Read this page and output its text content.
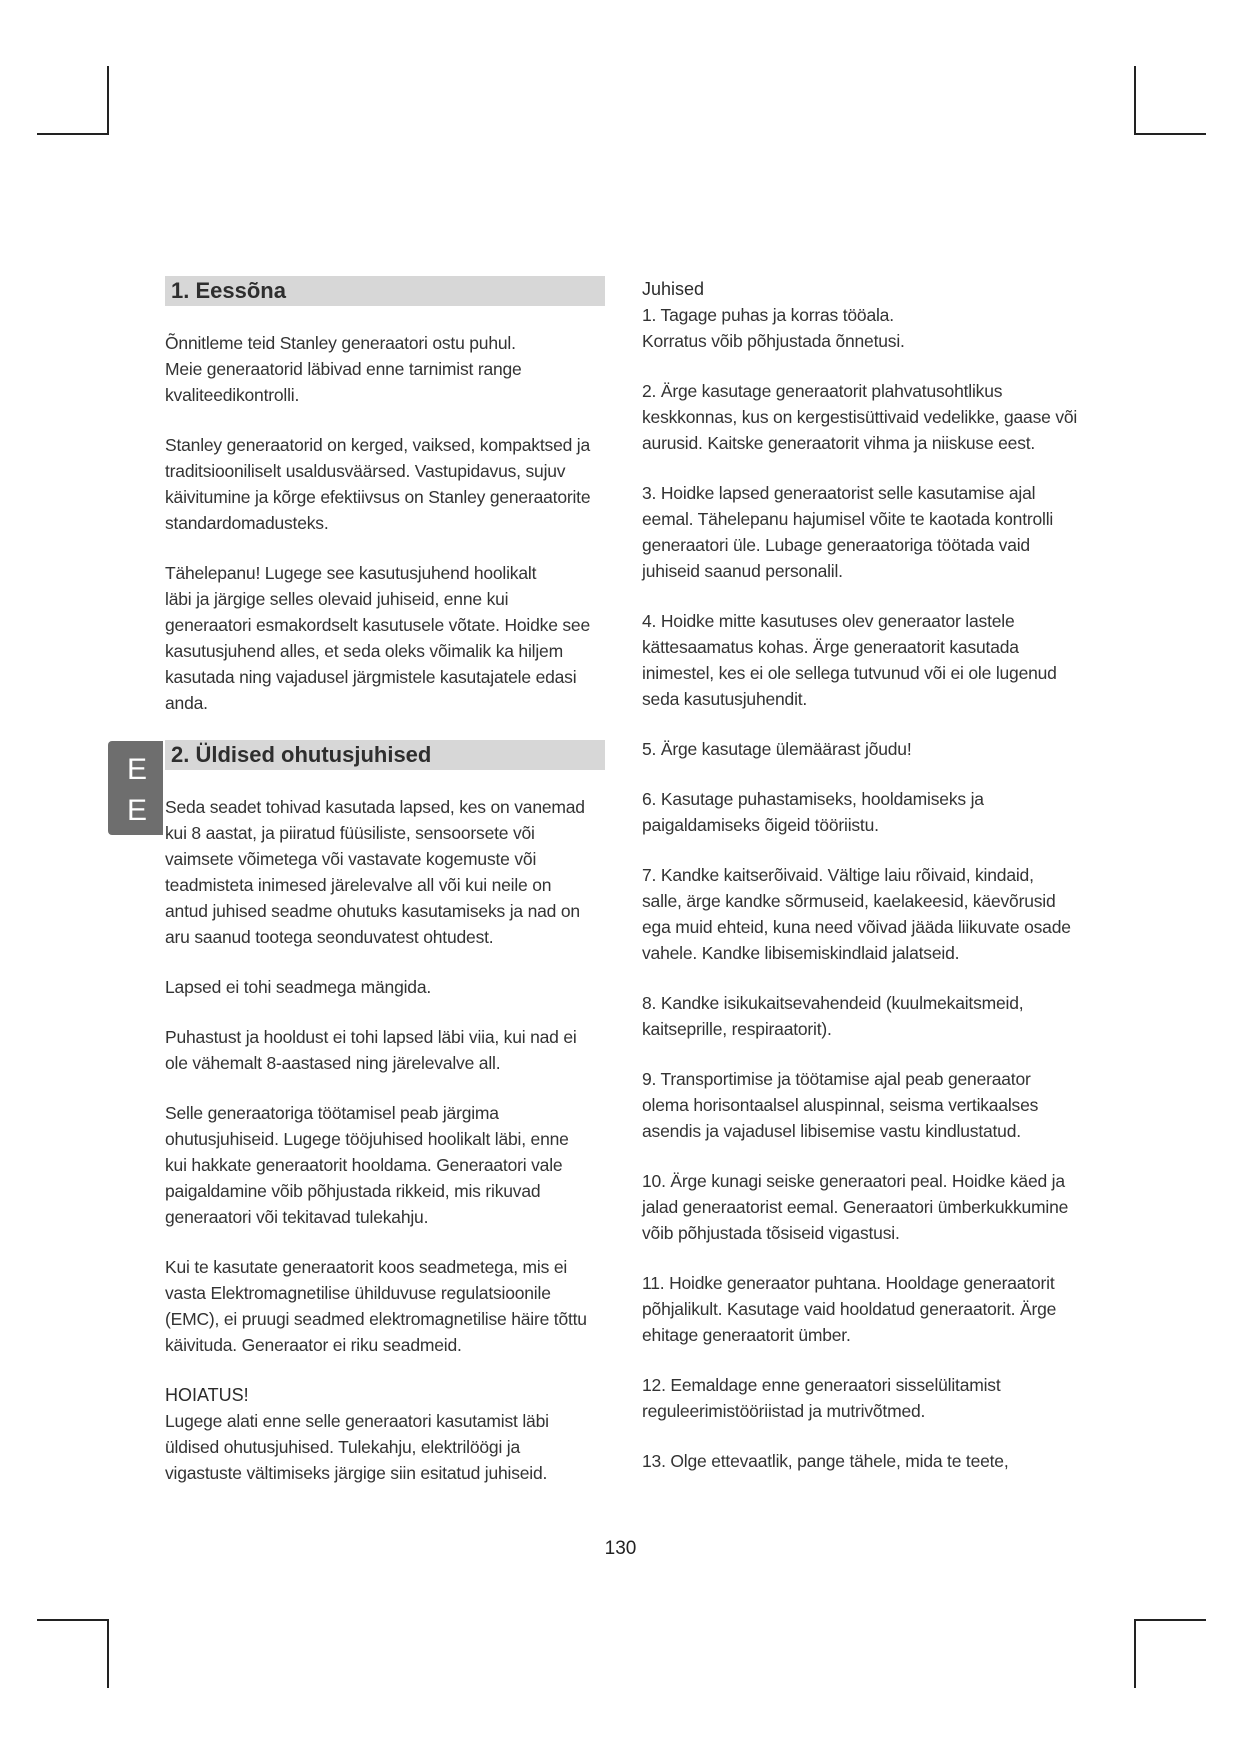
E
E
1. Eessõna

Õnnitleme teid Stanley generaatori ostu puhul.
Meie generaatorid läbivad enne tarnimist range
kvaliteedikontrolli.

Stanley generaatorid on kerged, vaiksed, kompaktsed ja
traditsiooniliselt usaldusväärsed. Vastupidavus, sujuv
käivitumine ja kõrge efektiivsus on Stanley generaatorite
standardomadusteks.

Tähelepanu! Lugege see kasutusjuhend hoolikalt
läbi ja järgige selles olevaid juhiseid, enne kui
generaatori esmakordselt kasutusele võtate. Hoidke see
kasutusjuhend alles, et seda oleks võimalik ka hiljem
kasutada ning vajadusel järgmistele kasutajatele edasi
anda.

2. Üldised ohutusjuhised

Seda seadet tohivad kasutada lapsed, kes on vanemad
kui 8 aastat, ja piiratud füüsiliste, sensoorsete või
vaimsete võimetega või vastavate kogemuste või
teadmisteta inimesed järelevalve all või kui neile on
antud juhised seadme ohutuks kasutamiseks ja nad on
aru saanud tootega seonduvatest ohtudest.

Lapsed ei tohi seadmega mängida.

Puhastust ja hooldust ei tohi lapsed läbi viia, kui nad ei
ole vähemalt 8-aastased ning järelevalve all.

Selle generaatoriga töötamisel peab järgima
ohutusjuhiseid. Lugege tööjuhised hoolikalt läbi, enne
kui hakkate generaatorit hooldama. Generaatori vale
paigaldamine võib põhjustada rikkeid, mis rikuvad
generaatori või tekitavad tulekahju.

Kui te kasutate generaatorit koos seadmetega, mis ei
vasta Elektromagnetilise ühilduvuse regulatsioonile
(EMC), ei pruugi seadmed elektromagnetilise häire tõttu
käivituda. Generaator ei riku seadmeid.

HOIATUS!

Lugege alati enne selle generaatori kasutamist läbi
üldised ohutusjuhised. Tulekahju, elektrilöögi ja
vigastuste vältimiseks järgige siin esitatud juhiseid.

Juhised

1. Tagage puhas ja korras tööala.
Korratus võib põhjustada õnnetusi.

2. Ärge kasutage generaatorit plahvatusohtlikus
keskkonnas, kus on kergestisüttivaid vedelikke, gaase või
aurusid. Kaitske generaatorit vihma ja niiskuse eest.

3. Hoidke lapsed generaatorist selle kasutamise ajal
eemal. Tähelepanu hajumisel võite te kaotada kontrolli
generaatori üle. Lubage generaatoriga töötada vaid
juhiseid saanud personalil.

4. Hoidke mitte kasutuses olev generaator lastele
kättesaamatus kohas. Ärge generaatorit kasutada
inimestel, kes ei ole sellega tutvunud või ei ole lugenud
seda kasutusjuhendit.

5. Ärge kasutage ülemäärast jõudu!

6. Kasutage puhastamiseks, hooldamiseks ja
paigaldamiseks õigeid tööriistu.

7. Kandke kaitserõivaid. Vältige laiu rõivaid, kindaid,
salle, ärge kandke sõrmuseid, kaelakeesid, käevõrusid
ega muid ehteid, kuna need võivad jääda liikuvate osade
vahele. Kandke libisemiskindlaid jalatseid.

8. Kandke isikukaitsevahendeid (kuulmekaitsmeid,
kaitseprille, respiraatorit).

9. Transportimise ja töötamise ajal peab generaator
olema horisontaalsel aluspinnal, seisma vertikaalses
asendis ja vajadusel libisemise vastu kindlustatud.

10. Ärge kunagi seiske generaatori peal. Hoidke käed ja
jalad generaatorist eemal. Generaatori ümberkukkumine
võib põhjustada tõsiseid vigastusi.

11. Hoidke generaator puhtana. Hooldage generaatorit
põhjalikult. Kasutage vaid hooldatud generaatorit. Ärge
ehitage generaatorit ümber.

12. Eemaldage enne generaatori sisselülitamist
reguleerimistööriistad ja mutrivõtmed.

13. Olge ettevaatlik, pange tähele, mida te teete,

130
